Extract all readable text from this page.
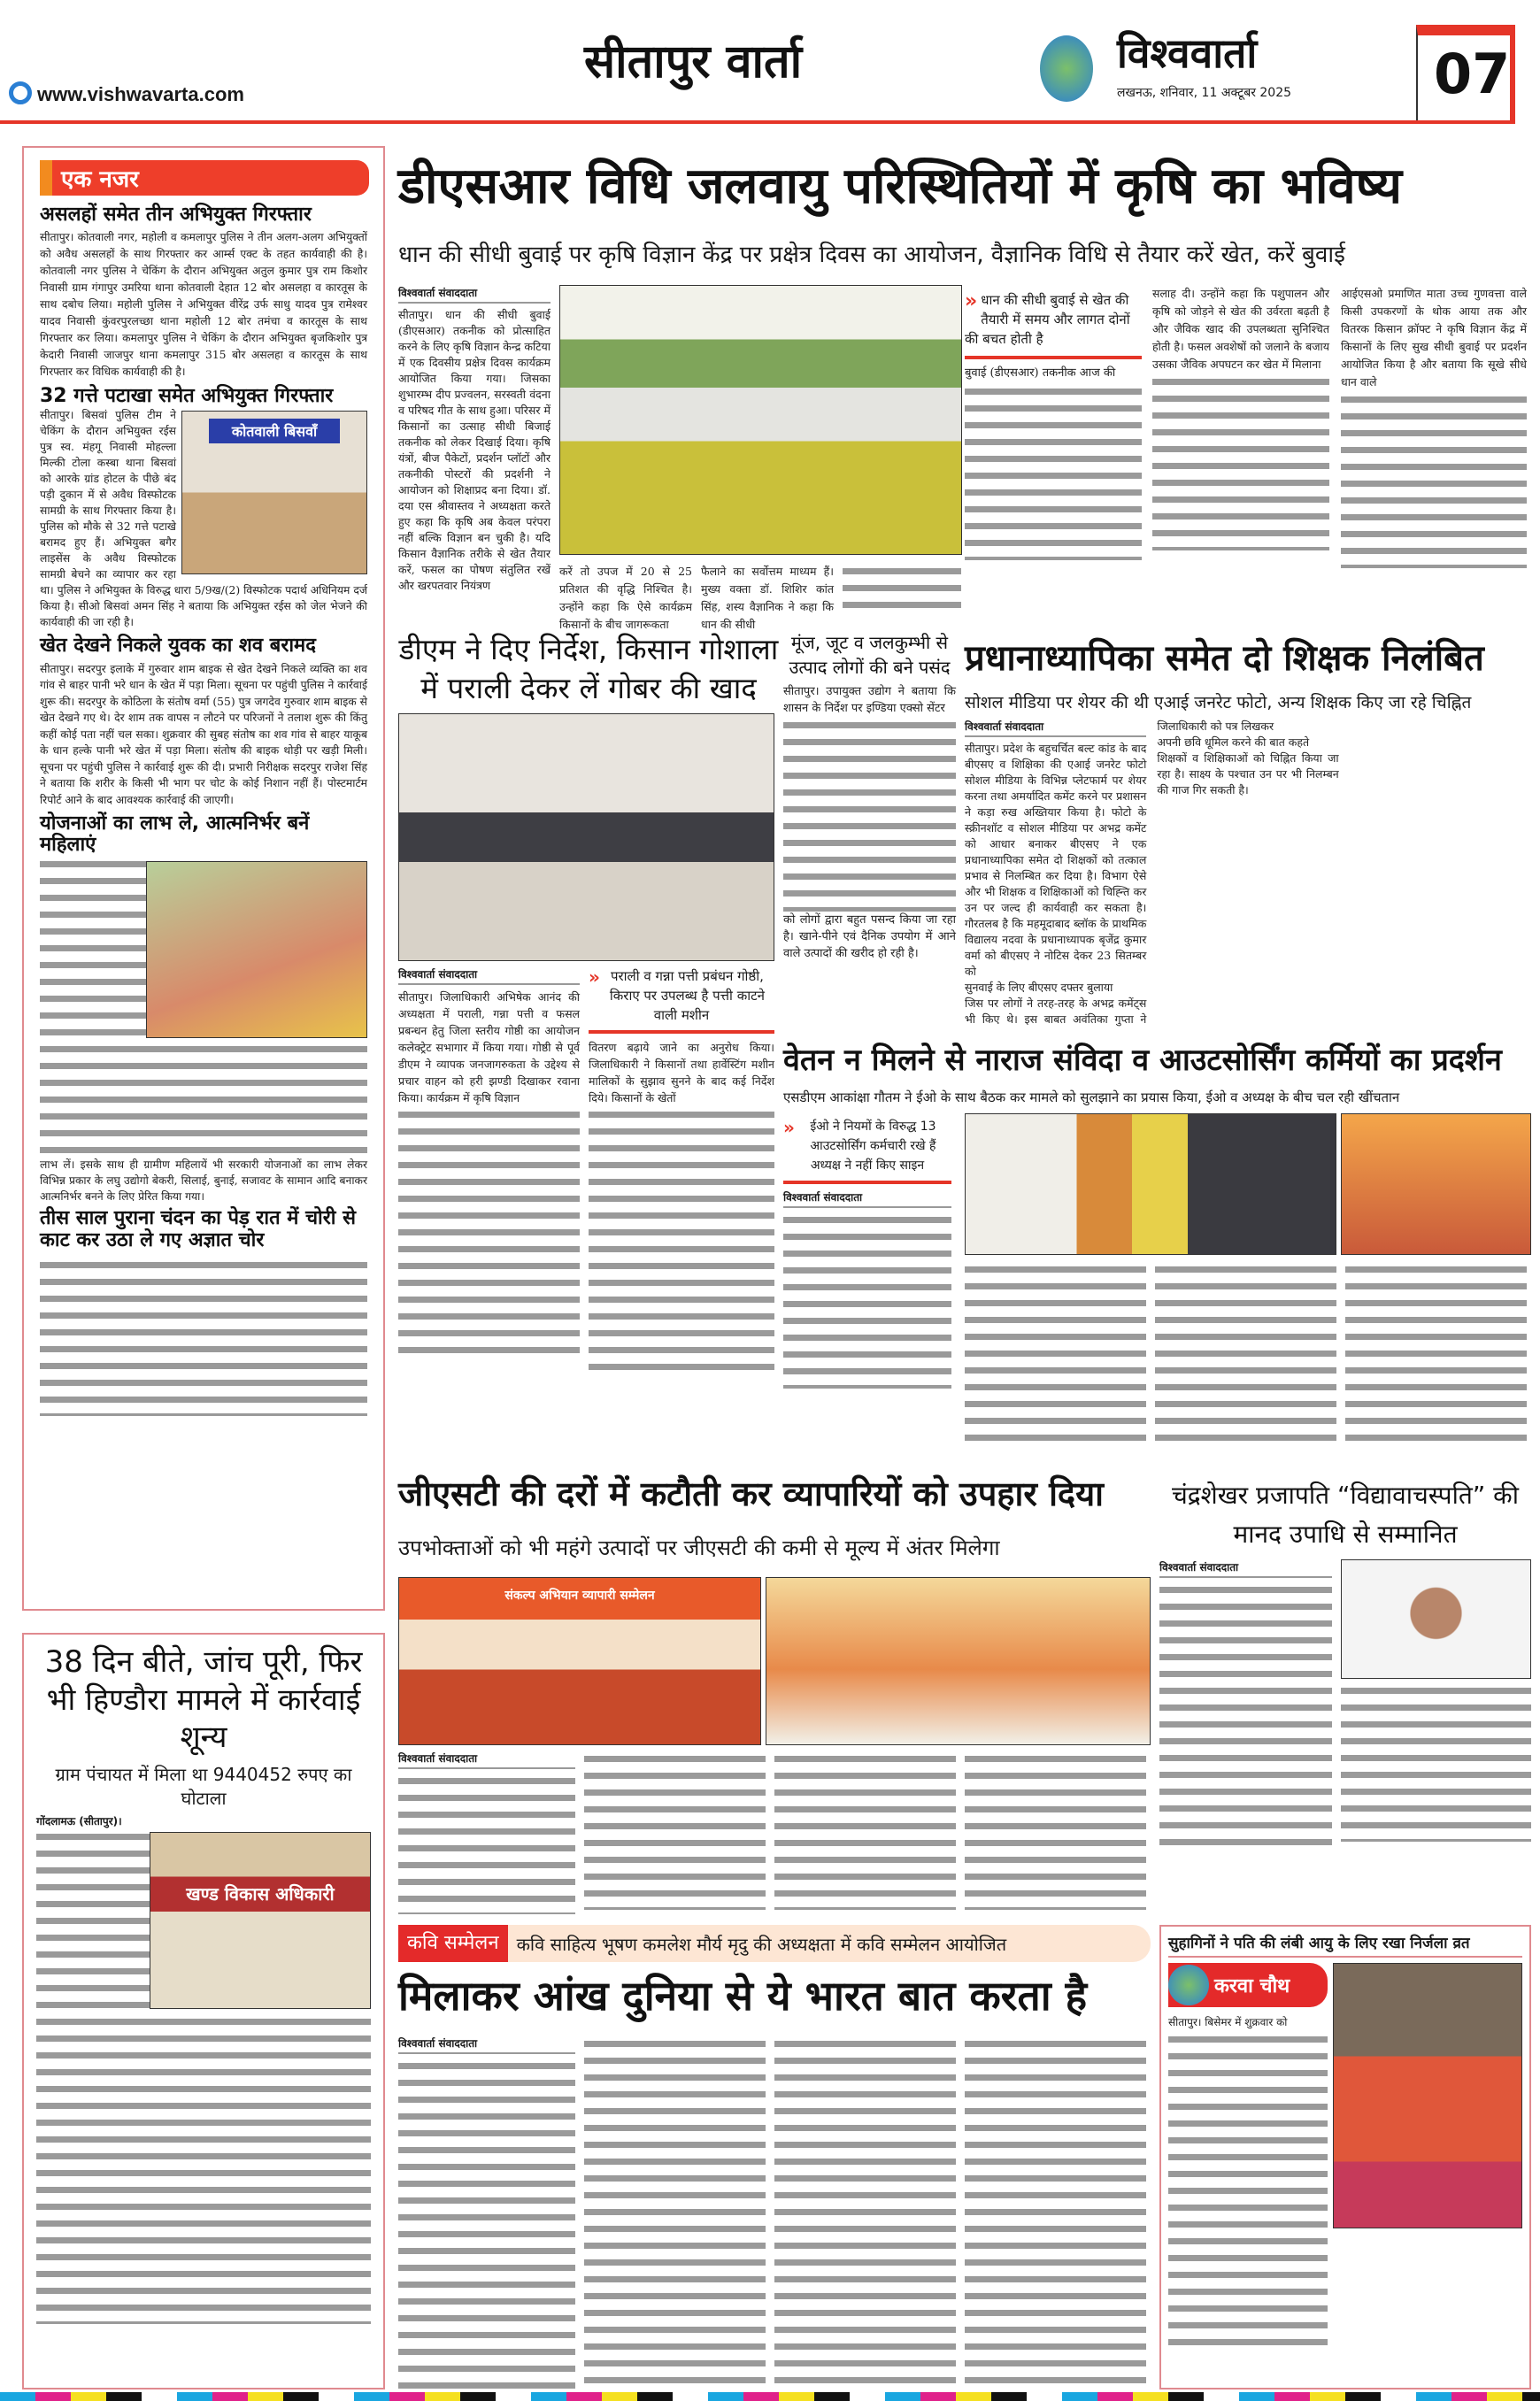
www.vishwavarta.com
सीतापुर वार्ता	विश्ववार्ता
लखनऊ, शनिवार, 11 अक्टूबर 2025	07
एक नजर
असलहों समेत तीन अभियुक्त गिरफ्तार
सीतापुर। कोतवाली नगर, महोली व कमलापुर पुलिस ने तीन अलग-अलग अभियुक्तों को अवैध असलहों के साथ गिरफ्तार कर आर्म्स एक्ट के तहत कार्यवाही की है। कोतवाली नगर पुलिस ने चेकिंग के दौरान अभियुक्त अतुल कुमार पुत्र राम किशोर निवासी ग्राम गंगापुर उमरिया थाना कोतवाली देहात 12 बोर असलहा व कारतूस के साथ दबोच लिया। महोली पुलिस ने अभियुक्त वीरेंद्र उर्फ साधु यादव पुत्र रामेश्वर यादव निवासी कुंवरपुरलच्छा थाना महोली 12 बोर तमंचा व कारतूस के साथ गिरफ्तार कर लिया। कमलापुर पुलिस ने चेकिंग के दौरान अभियुक्त बृजकिशोर पुत्र केदारी निवासी जाजपुर थाना कमलापुर 315 बोर असलहा व कारतूस के साथ गिरफ्तार कर विधिक कार्यवाही की है।
32 गत्ते पटाखा समेत अभियुक्त गिरफ्तार
कोतवाली बिसवाँ
सीतापुर। बिसवां पुलिस टीम ने चेकिंग के दौरान अभियुक्त रईस पुत्र स्व. मंहगू निवासी मोहल्ला मिल्की टोला कस्बा थाना बिसवां को आरके ग्रांड होटल के पीछे बंद पड़ी दुकान में से अवैध विस्फोटक सामग्री के साथ गिरफ्तार किया है। पुलिस को मौके से 32 गत्ते पटाखे बरामद हुए हैं। अभियुक्त बगैर लाइसेंस के अवैध विस्फोटक सामग्री बेचने का व्यापार कर रहा था। पुलिस ने अभियुक्त के विरुद्ध धारा 5/9ख/(2) विस्फोटक पदार्थ अधिनियम दर्ज किया है। सीओ बिसवां अमन सिंह ने बताया कि अभियुक्त रईस को जेल भेजने की कार्यवाही की जा रही है।
खेत देखने निकले युवक का शव बरामद
सीतापुर। सदरपुर इलाके में गुरुवार शाम बाइक से खेत देखने निकले व्यक्ति का शव गांव से बाहर पानी भरे धान के खेत में पड़ा मिला। सूचना पर पहुंची पुलिस ने कार्रवाई शुरू की। सदरपुर के कोठिला के संतोष वर्मा (55) पुत्र जगदेव गुरुवार शाम बाइक से खेत देखने गए थे। देर शाम तक वापस न लौटने पर परिजनों ने तलाश शुरू की किंतु कहीं कोई पता नहीं चल सका। शुक्रवार की सुबह संतोष का शव गांव से बाहर याकूब के धान हल्के पानी भरे खेत में पड़ा मिला। संतोष की बाइक थोड़ी पर खड़ी मिली। सूचना पर पहुंची पुलिस ने कार्रवाई शुरू की दी। प्रभारी निरीक्षक सदरपुर राजेश सिंह ने बताया कि शरीर के किसी भी भाग पर चोट के कोई निशान नहीं हैं। पोस्टमार्टम रिपोर्ट आने के बाद आवश्यक कार्रवाई की जाएगी।
योजनाओं का लाभ ले, आत्मनिर्भर बनें महिलाएं
लाभ लें। इसके साथ ही ग्रामीण महिलायें भी सरकारी योजनाओं का लाभ लेकर विभिन्न प्रकार के लघु उद्योगो बेकरी, सिलाई, बुनाई, सजावट के सामान आदि बनाकर आत्मनिर्भर बनने के लिए प्रेरित किया गया।
तीस साल पुराना चंदन का पेड़ रात में चोरी से काट कर उठा ले गए अज्ञात चोर
38 दिन बीते, जांच पूरी, फिर भी हिण्डौरा मामले में कार्रवाई शून्य
ग्राम पंचायत में मिला था 9440452 रुपए का घोटाला
गोंदलामऊ (सीतापुर)।
खण्ड विकास अधिकारी
डीएसआर विधि जलवायु परिस्थितियों में कृषि का भविष्य
धान की सीधी बुवाई पर कृषि विज्ञान केंद्र पर प्रक्षेत्र दिवस का आयोजन, वैज्ञानिक विधि से तैयार करें खेत, करें बुवाई
विश्ववार्ता संवाददाता
सीतापुर। धान की सीधी बुवाई (डीएसआर) तकनीक को प्रोत्साहित करने के लिए कृषि विज्ञान केन्द्र कटिया में एक दिवसीय प्रक्षेत्र दिवस कार्यक्रम आयोजित किया गया। जिसका शुभारम्भ दीप प्रज्वलन, सरस्वती वंदना व परिषद गीत के साथ हुआ। परिसर में किसानों का उत्साह सीधी बिजाई तकनीक को लेकर दिखाई दिया। कृषि यंत्रों, बीज पैकेटों, प्रदर्शन प्लॉटों और तकनीकी पोस्टरों की प्रदर्शनी ने आयोजन को शिक्षाप्रद बना दिया। डॉ. दया एस श्रीवास्तव ने अध्यक्षता करते हुए कहा कि कृषि अब केवल परंपरा नहीं बल्कि विज्ञान बन चुकी है। यदि किसान वैज्ञानिक तरीके से खेत तैयार करें, फसल का पोषण संतुलित रखें और खरपतवार नियंत्रण
करें तो उपज में 20 से 25 प्रतिशत की वृद्धि निश्चित है। उन्होंने कहा कि ऐसे कार्यक्रम किसानों के बीच जागरूकता
फैलाने का सर्वोत्तम माध्यम हैं। मुख्य वक्ता डॉ. शिशिर कांत सिंह, शस्य वैज्ञानिक ने कहा कि धान की सीधी
» धान की सीधी बुवाई से खेत की तैयारी में समय और लागत दोनों की बचत होती है
बुवाई (डीएसआर) तकनीक आज की
सलाह दी। उन्होंने कहा कि पशुपालन और कृषि को जोड़ने से खेत की उर्वरता बढ़ती है और जैविक खाद की उपलब्धता सुनिश्चित होती है। फसल अवशेषों को जलाने के बजाय उसका जैविक अपघटन कर खेत में मिलाना
आईएसओ प्रमाणित माता उच्च गुणवत्ता वाले किसी उपकरणों के थोक आया तक और वितरक किसान क्रॉफ्ट ने कृषि विज्ञान केंद्र में किसानों के लिए सुख सीधी बुवाई पर प्रदर्शन आयोजित किया है और बताया कि सूखे सीधे धान वाले
डीएम ने दिए निर्देश, किसान गोशाला में पराली देकर लें गोबर की खाद
विश्ववार्ता संवाददाता
सीतापुर। जिलाधिकारी अभिषेक आनंद की अध्यक्षता में पराली, गन्ना पत्ती व फसल प्रबन्धन हेतु जिला स्तरीय गोष्ठी का आयोजन कलेक्ट्रेट सभागार में किया गया। गोष्ठी से पूर्व डीएम ने व्यापक जनजागरुकता के उद्देश्य से प्रचार वाहन को हरी झण्डी दिखाकर रवाना किया। कार्यक्रम में कृषि विज्ञान
» पराली व गन्ना पत्ती प्रबंधन गोष्ठी, किराए पर उपलब्ध है पत्ती काटने वाली मशीन
वितरण बढ़ाये जाने का अनुरोध किया। जिलाधिकारी ने किसानों तथा हार्वेस्टिंग मशीन मालिकों के सुझाव सुनने के बाद कई निर्देश दिये। किसानों के खेतों
मूंज, जूट व जलकुम्भी से उत्पाद लोगों की बने पसंद
सीतापुर। उपायुक्त उद्योग ने बताया कि शासन के निर्देश पर इण्डिया एक्सो सेंटर
को लोगों द्वारा बहुत पसन्द किया जा रहा है। खाने-पीने एवं दैनिक उपयोग में आने वाले उत्पादों की खरीद हो रही है।
प्रधानाध्यापिका समेत दो शिक्षक निलंबित
सोशल मीडिया पर शेयर की थी एआई जनरेट फोटो, अन्य शिक्षक किए जा रहे चिह्नित
विश्ववार्ता संवाददाता
सीतापुर। प्रदेश के बहुचर्चित बल्ट कांड के बाद बीएसए व शिक्षिका की एआई जनरेट फोटो सोशल मीडिया के विभिन्न प्लेटफार्म पर शेयर करना तथा अमर्यादित कमेंट करने पर प्रशासन ने कड़ा रुख अख्तियार किया है। फोटो के स्क्रीनशॉट व सोशल मीडिया पर अभद्र कमेंट को आधार बनाकर बीएसए ने एक प्रधानाध्यापिका समेत दो शिक्षकों को तत्काल प्रभाव से निलम्बित कर दिया है। विभाग ऐसे और भी शिक्षक व शिक्षिकाओं को चिह्न्ति कर उन पर जल्द ही कार्यवाही कर सकता है। गौरतलब है कि महमूदाबाद ब्लॉक के प्राथमिक विद्यालय नदवा के प्रधानाध्यापक बृजेंद्र कुमार वर्मा को बीएसए ने नोटिस देकर 23 सितम्बर को
सुनवाई के लिए बीएसए दफ्तर बुलाया
जिस पर लोगों ने तरह-तरह के अभद्र कमेंट्स भी किए थे। इस बाबत अवंतिका गुप्ता ने जिलाधिकारी को पत्र लिखकर
अपनी छवि धूमिल करने की बात कहते
शिक्षकों व शिक्षिकाओं को चिह्नित किया जा रहा है। साक्ष्य के पश्चात उन पर भी निलम्बन की गाज गिर सकती है।
वेतन न मिलने से नाराज संविदा व आउटसोर्सिंग कर्मियों का प्रदर्शन
एसडीएम आकांक्षा गौतम ने ईओ के साथ बैठक कर मामले को सुलझाने का प्रयास किया, ईओ व अध्यक्ष के बीच चल रही खींचतान
»	ईओ ने नियमों के विरुद्ध 13 आउटसोर्सिंग कर्मचारी रखे हैं अध्यक्ष ने नहीं किए साइन
विश्ववार्ता संवाददाता
जीएसटी की दरों में कटौती कर व्यापारियों को उपहार दिया
उपभोक्ताओं को भी महंगे उत्पादों पर जीएसटी की कमी से मूल्य में अंतर मिलेगा
संकल्प अभियान व्यापारी सम्मेलन
विश्ववार्ता संवाददाता
चंद्रशेखर प्रजापति “विद्यावाचस्पति” की मानद उपाधि से सम्मानित
विश्ववार्ता संवाददाता
कवि सम्मेलन	कवि साहित्य भूषण कमलेश मौर्य मृदु की अध्यक्षता में कवि सम्मेलन आयोजित
मिलाकर आंख दुनिया से ये भारत बात करता है
विश्ववार्ता संवाददाता
सुहागिनों ने पति की लंबी आयु के लिए रखा निर्जला व्रत
करवा चौथ
सीतापुर। बिसेमर में शुक्रवार को
